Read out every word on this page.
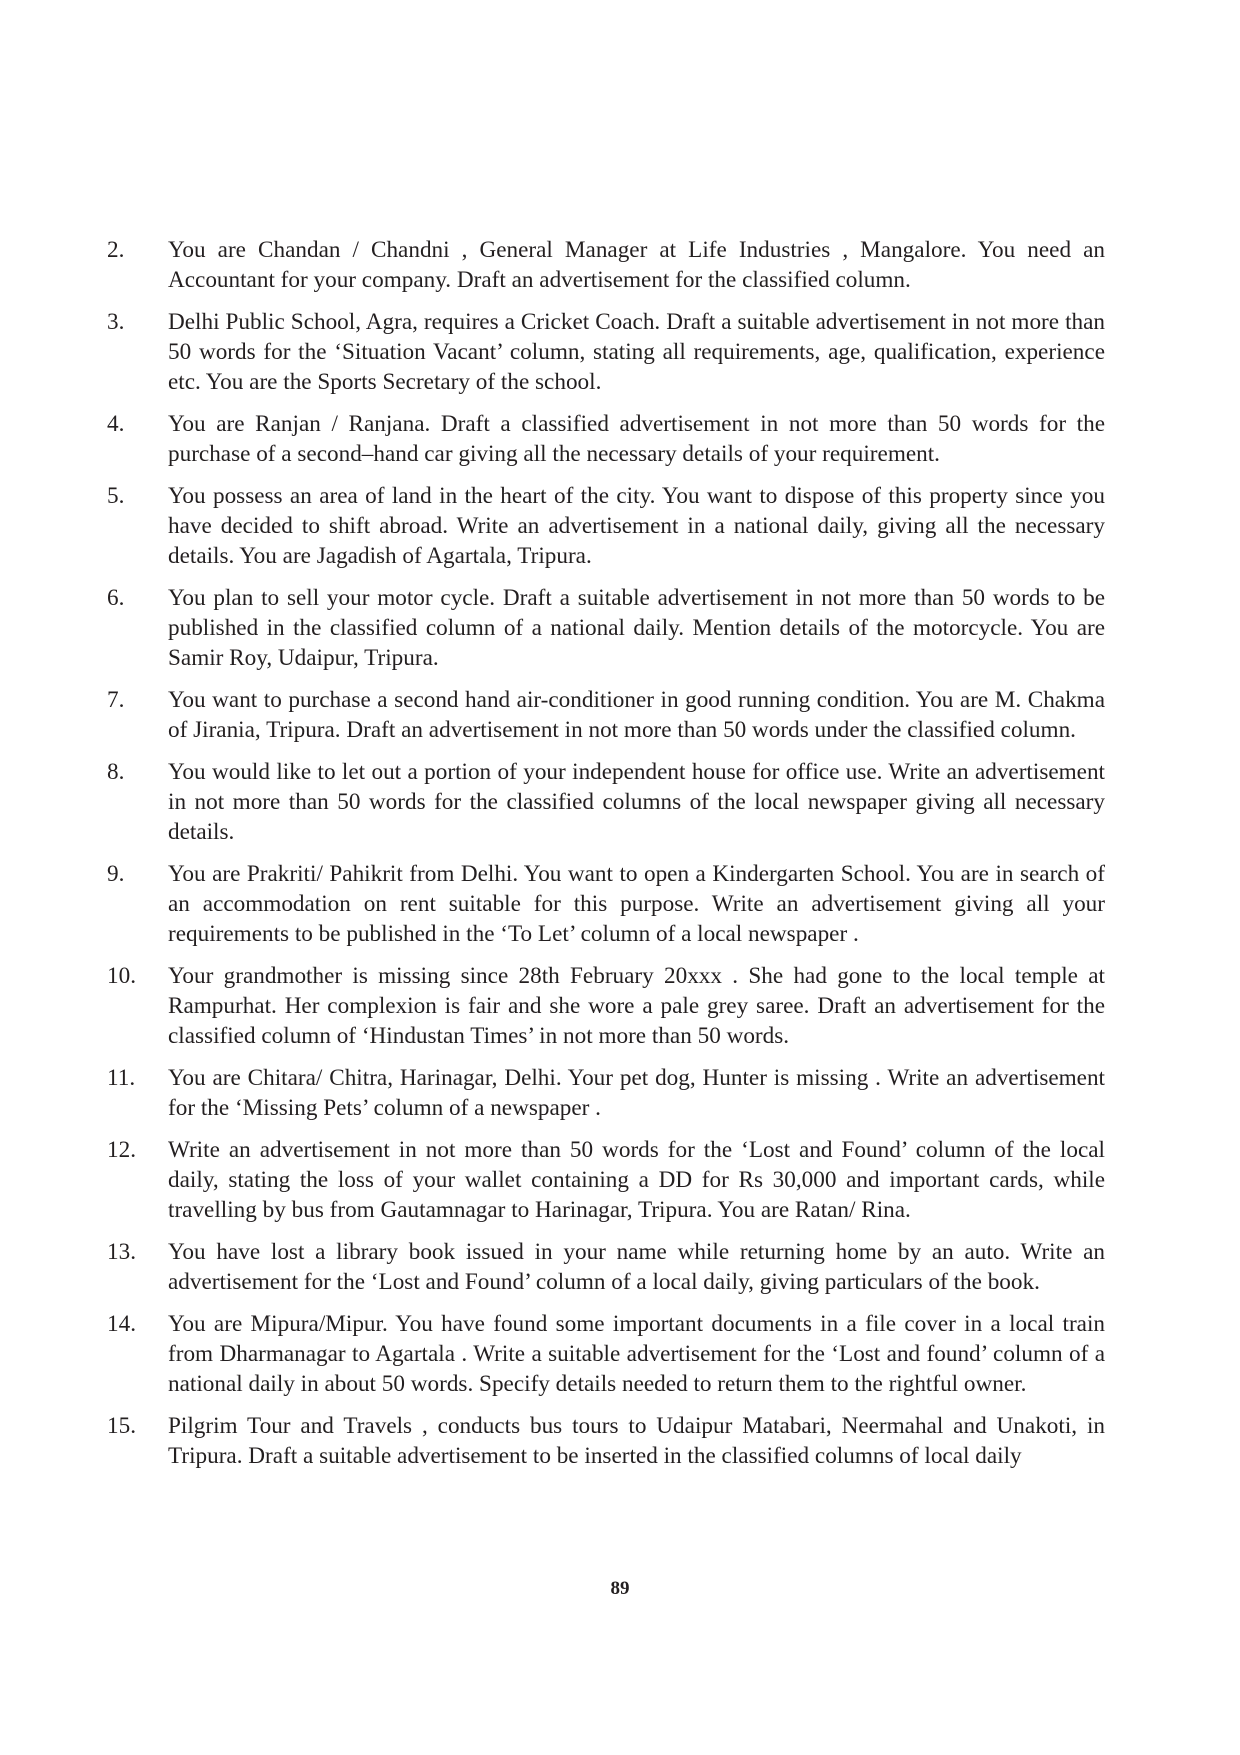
2. You are Chandan / Chandni , General Manager at Life Industries , Mangalore. You need an Accountant for your company. Draft an advertisement for the classified column.
3. Delhi Public School, Agra, requires a Cricket Coach. Draft a suitable advertisement in not more than 50 words for the ‘Situation Vacant’ column, stating all requirements, age, qualification, experience etc. You are the Sports Secretary of the school.
4. You are Ranjan / Ranjana. Draft a classified advertisement in not more than 50 words for the purchase of a second–hand car giving all the necessary details of your requirement.
5. You possess an area of land in the heart of the city. You want to dispose of this property since you have decided to shift abroad. Write an advertisement in a national daily, giving all the necessary details. You are Jagadish of Agartala, Tripura.
6. You plan to sell your motor cycle. Draft a suitable advertisement in not more than 50 words to be published in the classified column of a national daily. Mention details of the motorcycle. You are Samir Roy, Udaipur, Tripura.
7. You want to purchase a second hand air-conditioner in good running condition. You are M. Chakma of Jirania, Tripura. Draft an advertisement in not more than 50 words under the classified column.
8. You would like to let out a portion of your independent house for office use. Write an advertisement in not more than 50 words for the classified columns of the local newspaper giving all necessary details.
9. You are Prakriti/ Pahikrit from Delhi. You want to open a Kindergarten School. You are in search of an accommodation on rent suitable for this purpose. Write an advertisement giving all your requirements to be published in the ‘To Let’ column of a local newspaper .
10. Your grandmother is missing since 28th February 20xxx . She had gone to the local temple at Rampurhat. Her complexion is fair and she wore a pale grey saree. Draft an advertisement for the classified column of ‘Hindustan Times’ in not more than 50 words.
11. You are Chitara/ Chitra, Harinagar, Delhi. Your pet dog, Hunter is missing . Write an advertisement for the ‘Missing Pets’ column of a newspaper .
12. Write an advertisement in not more than 50 words for the ‘Lost and Found’ column of the local daily, stating the loss of your wallet containing a DD for Rs 30,000 and important cards, while travelling by bus from Gautamnagar to Harinagar, Tripura. You are Ratan/ Rina.
13. You have lost a library book issued in your name while returning home by an auto. Write an advertisement for the ‘Lost and Found’ column of a local daily, giving particulars of the book.
14. You are Mipura/Mipur. You have found some important documents in a file cover in a local train from Dharmanagar to Agartala . Write a suitable advertisement for the ‘Lost and found’ column of a national daily in about 50 words. Specify details needed to return them to the rightful owner.
15. Pilgrim Tour and Travels , conducts bus tours to Udaipur Matabari, Neermahal and Unakoti, in Tripura. Draft a suitable advertisement to be inserted in the classified columns of local daily
89
